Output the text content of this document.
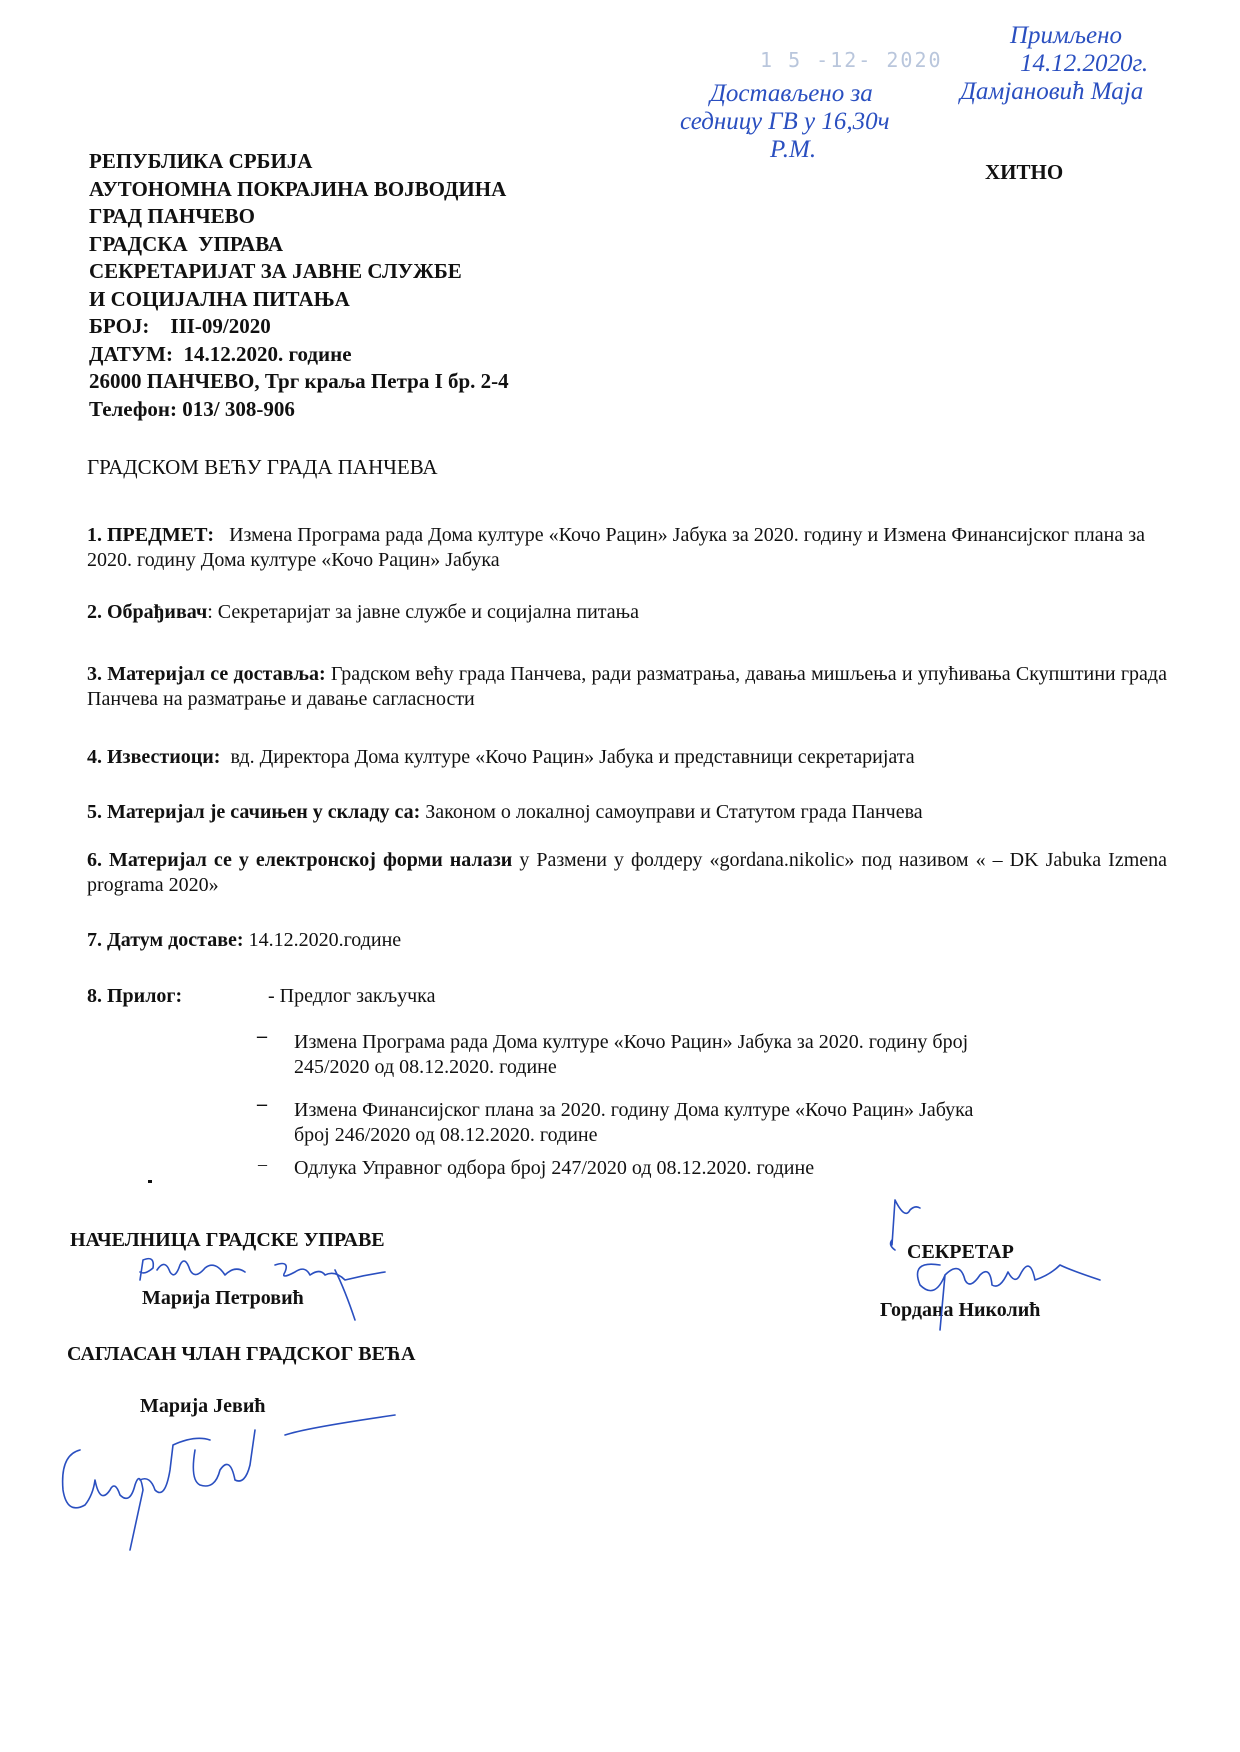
1 5 -12- 2020
Достављено за
седницу ГВ у 16,30ч
Р.М.
Примљено
14.12.2020г.
Дамјановић Маја
ХИТНО
РЕПУБЛИКА СРБИЈА
АУТОНОМНА ПОКРАЈИНА ВОЈВОДИНА
ГРАД ПАНЧЕВО
ГРАДСКА  УПРАВА
СЕКРЕТАРИЈАТ ЗА ЈАВНЕ СЛУЖБЕ
И СОЦИЈАЛНА ПИТАЊА
БРОЈ:    III-09/2020
ДАТУМ:  14.12.2020. године
26000 ПАНЧЕВО, Трг краља Петра I бр. 2-4
Телефон: 013/ 308-906
ГРАДСКОМ ВЕЋУ ГРАДА ПАНЧЕВА
1. ПРЕДМЕТ: Измена Програма рада Дома културе «Кочо Рацин» Јабука за 2020. годину и Измена Финансијског плана за 2020. годину Дома културе «Кочо Рацин» Јабука
2. Обрађивач: Секретаријат за јавне службе и социјална питања
3. Материјал се доставља: Градском већу града Панчева, ради разматрања, давања мишљења и упућивања Скупштини града Панчева на разматрање и давање сагласности
4. Известиоци: вд. Директора Дома културе «Кочо Рацин» Јабука и представници секретаријата
5. Материјал је сачињен у складу са: Законом о локалној самоуправи и Статутом града Панчева
6. Материјал се у електронској форми налази у Размени у фолдеру «gordana.nikolic» под називом « – DK Jabuka Izmena programa 2020»
7. Датум доставе: 14.12.2020.године
8. Прилог:	- Предлог закључка
– Измена Програма рада Дома културе «Кочо Рацин» Јабука за 2020. годину број
245/2020 од 08.12.2020. године
– Измена Финансијског плана за 2020. годину Дома културе «Кочо Рацин» Јабука
број 246/2020 од 08.12.2020. године
– Одлука Управног одбора број 247/2020 од 08.12.2020. године
НАЧЕЛНИЦА ГРАДСКЕ УПРАВЕ
Марија Петровић
СЕКРЕТАР
Гордана Николић
САГЛАСАН ЧЛАН ГРАДСКОГ ВЕЋА
Марија Јевић
